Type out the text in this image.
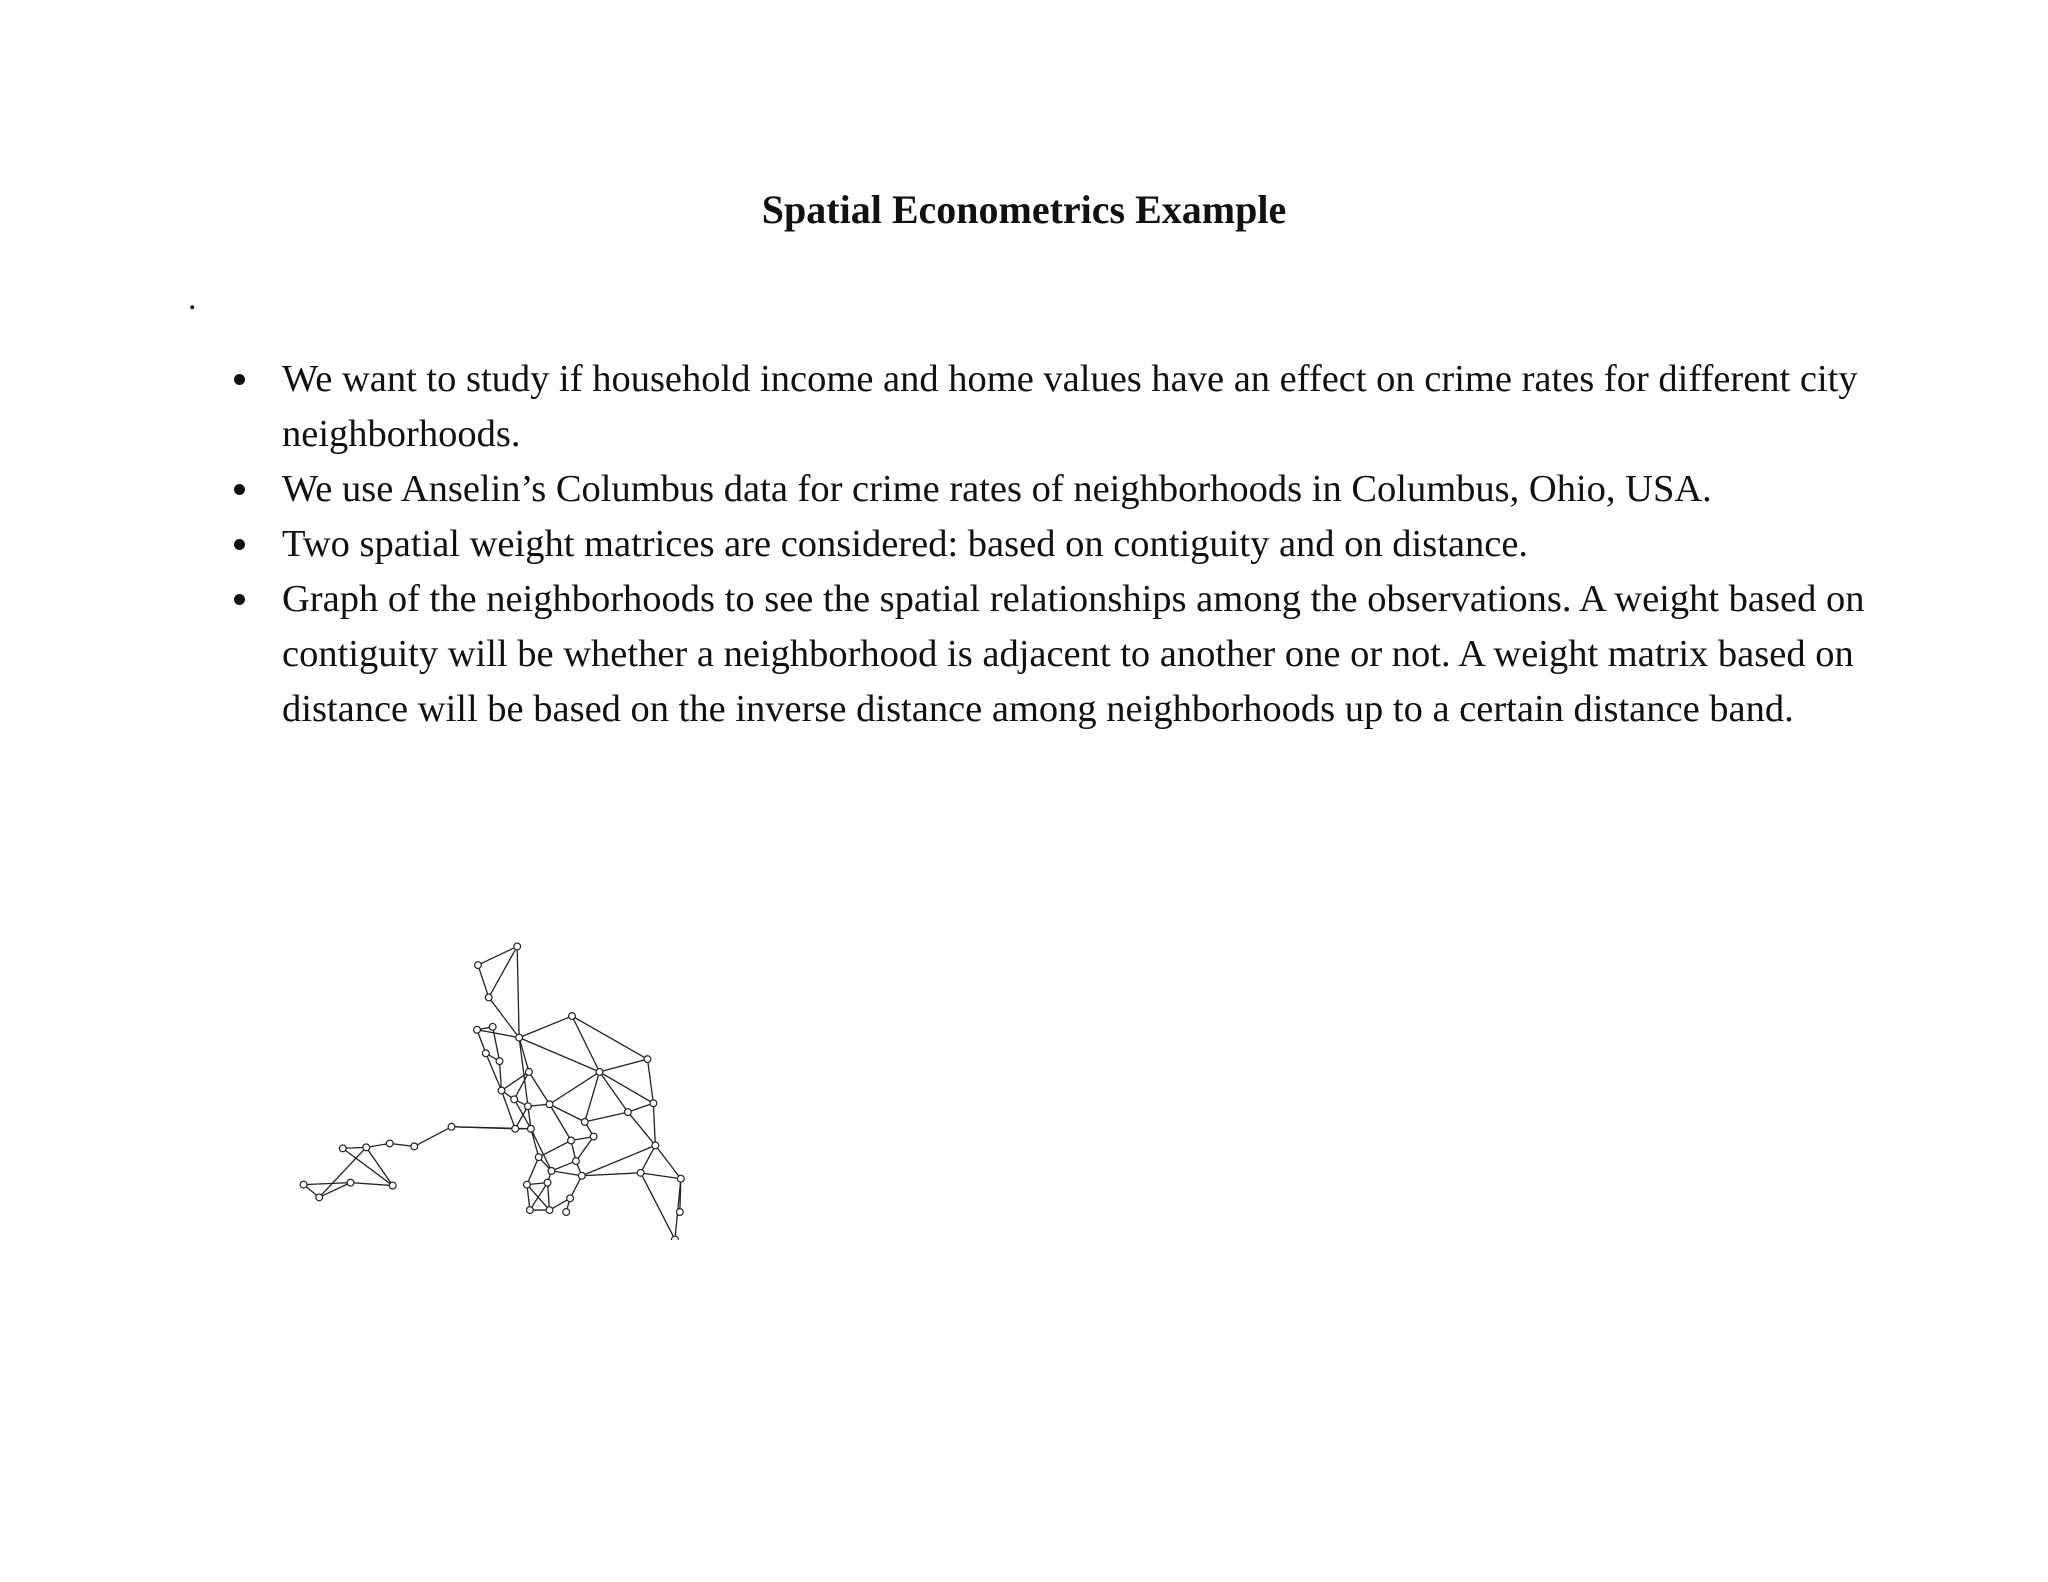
Spatial Econometrics Example
.
We want to study if household income and home values have an effect on crime rates for different city neighborhoods.
We use Anselin’s Columbus data for crime rates of neighborhoods in Columbus, Ohio, USA.
Two spatial weight matrices are considered: based on contiguity and on distance.
Graph of the neighborhoods to see the spatial relationships among the observations. A weight based on contiguity will be whether a neighborhood is adjacent to another one or not. A weight matrix based on distance will be based on the inverse distance among neighborhoods up to a certain distance band.
